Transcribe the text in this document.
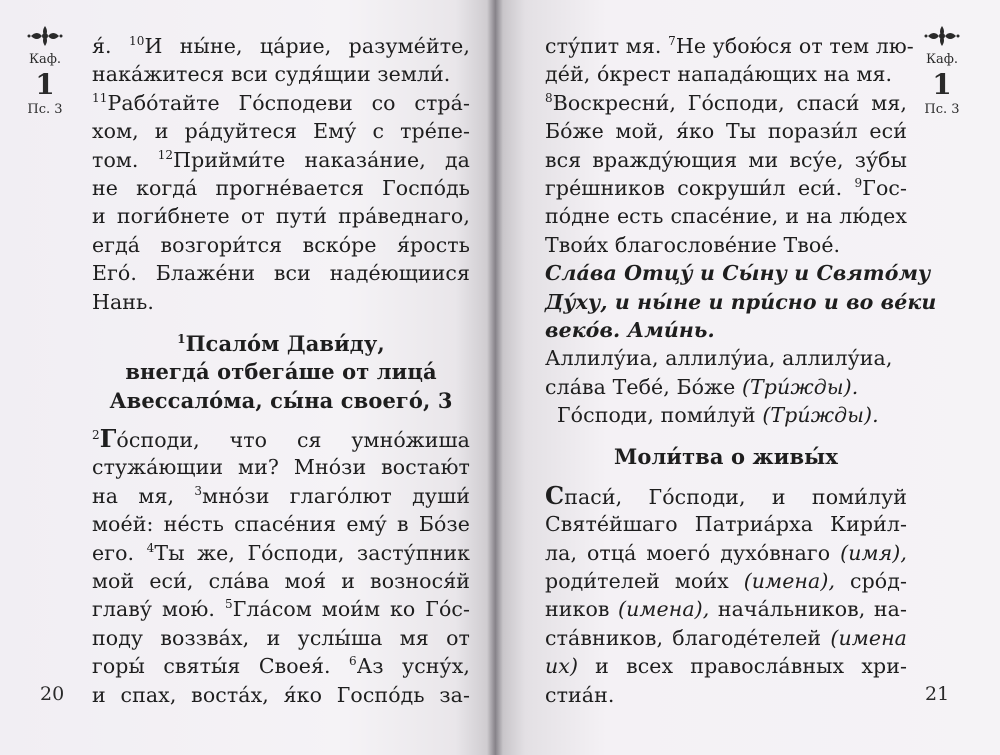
Каф.
1
Пс. 3
я́. $^{10}$И ны́не, ца́рие, разуме́йте,
нака́житеся вси судя́щии земли́.
$^{11}$Рабо́тайте Го́сподеви со стра́-
хом, и ра́дуйтеся Ему́ с тре́пе-
том. $^{12}$Прийми́те наказа́ние, да
не когда́ прогне́вается Госпо́дь
и поги́бнете от пути́ пра́веднаго,
егда́ возгори́тся вско́ре я́рость
Его́. Блаже́ни вси наде́ющиися
Нань.
$^1$Псало́м Дави́ду,
внегда́ отбега́ше от лица́
Авессало́ма, сы́на своего́, 3
$^2$Го́споди, что ся умно́жиша
стужа́ющии ми? Мно́зи востаю́т
на мя, $^3$мно́зи глаго́лют души́
мое́й: не́сть спасе́ния ему́ в Бо́зе
его. $^4$Ты же, Го́споди, засту́пник
мой еси́, сла́ва моя́ и вознося́й
главу́ мою́. $^5$Гла́сом мои́м ко Го́с-
поду воззва́х, и услы́ша мя от
горы́ святы́я Своея́. $^6$Аз усну́х,
и спах, воста́х, я́ко Госпо́дь за-
20
сту́пит мя. $^7$Не убою́ся от тем лю-
де́й, о́крест напада́ющих на мя.
$^8$Воскресни́, Го́споди, спаси́ мя,
Бо́же мой, я́ко Ты порази́л еси́
вся вражду́ющия ми всу́е, зу́бы
гре́шников сокруши́л еси́. $^9$Гос-
по́дне есть спасе́ние, и на лю́дех
Твои́х благослове́ние Твое́.
Сла́ва Отцу́ и Сы́ну и Свято́му
Ду́ху, и ны́не и при́сно и во ве́ки
веко́в. Ами́нь.
Аллилу́иа, аллилу́иа, аллилу́иа,
сла́ва Тебе́, Бо́же (Три́жды).
Го́споди, поми́луй (Три́жды).
Моли́тва о живы́х
Спаси́, Го́споди, и поми́луй
Святе́йшаго Патриа́рха Кири́л-
ла, отца́ моего́ духо́внаго (имя),
роди́телей мои́х (имена), сро́д-
ников (имена), нача́льников, на-
ста́вников, благоде́телей (имена
их) и всех правосла́вных хри-
стиа́н.
Каф.
1
Пс. 3
21
